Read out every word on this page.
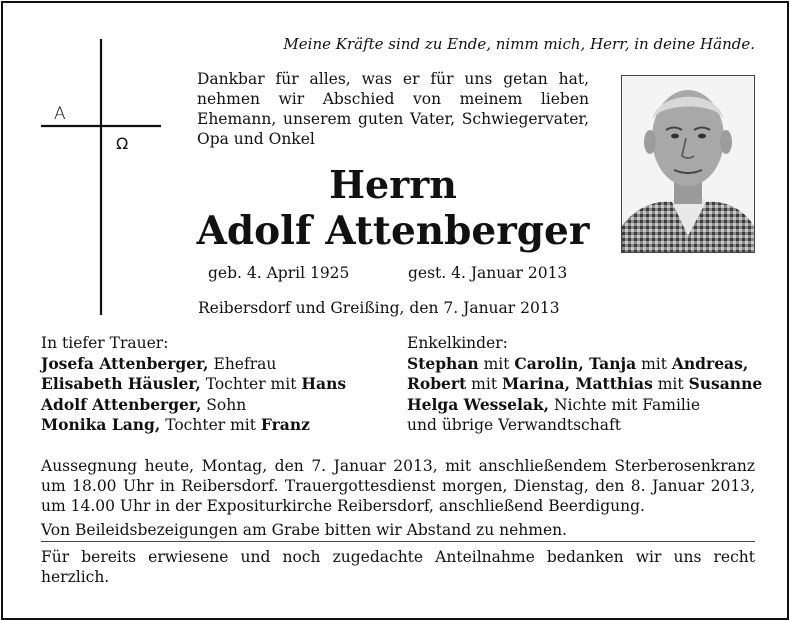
A
Ω
Meine Kräfte sind zu Ende, nimm mich, Herr, in deine Hände.
Dankbar für alles, was er für uns getan hat, nehmen wir Abschied von meinem lieben Ehemann, unserem guten Vater, Schwiegervater, Opa und Onkel
Herrn
Adolf Attenberger
geb. 4. April 1925	gest. 4. Januar 2013
Reibersdorf und Greißing, den 7. Januar 2013
In tiefer Trauer:
Josefa Attenberger, Ehefrau
Elisabeth Häusler, Tochter mit Hans
Adolf Attenberger, Sohn
Monika Lang, Tochter mit Franz
Enkelkinder:
Stephan mit Carolin, Tanja mit Andreas,
Robert mit Marina, Matthias mit Susanne
Helga Wesselak, Nichte mit Familie
und übrige Verwandtschaft

Aussegnung heute, Montag, den 7. Januar 2013, mit anschließendem Sterberosenkranz um 18.00 Uhr in Reibersdorf. Trauergottesdienst morgen, Dienstag, den 8. Januar 2013, um 14.00 Uhr in der Expositurkirche Reibersdorf, anschließend Beerdigung.

Von Beileidsbezeigungen am Grabe bitten wir Abstand zu nehmen.

Für bereits erwiesene und noch zugedachte Anteilnahme bedanken wir uns recht herzlich.
